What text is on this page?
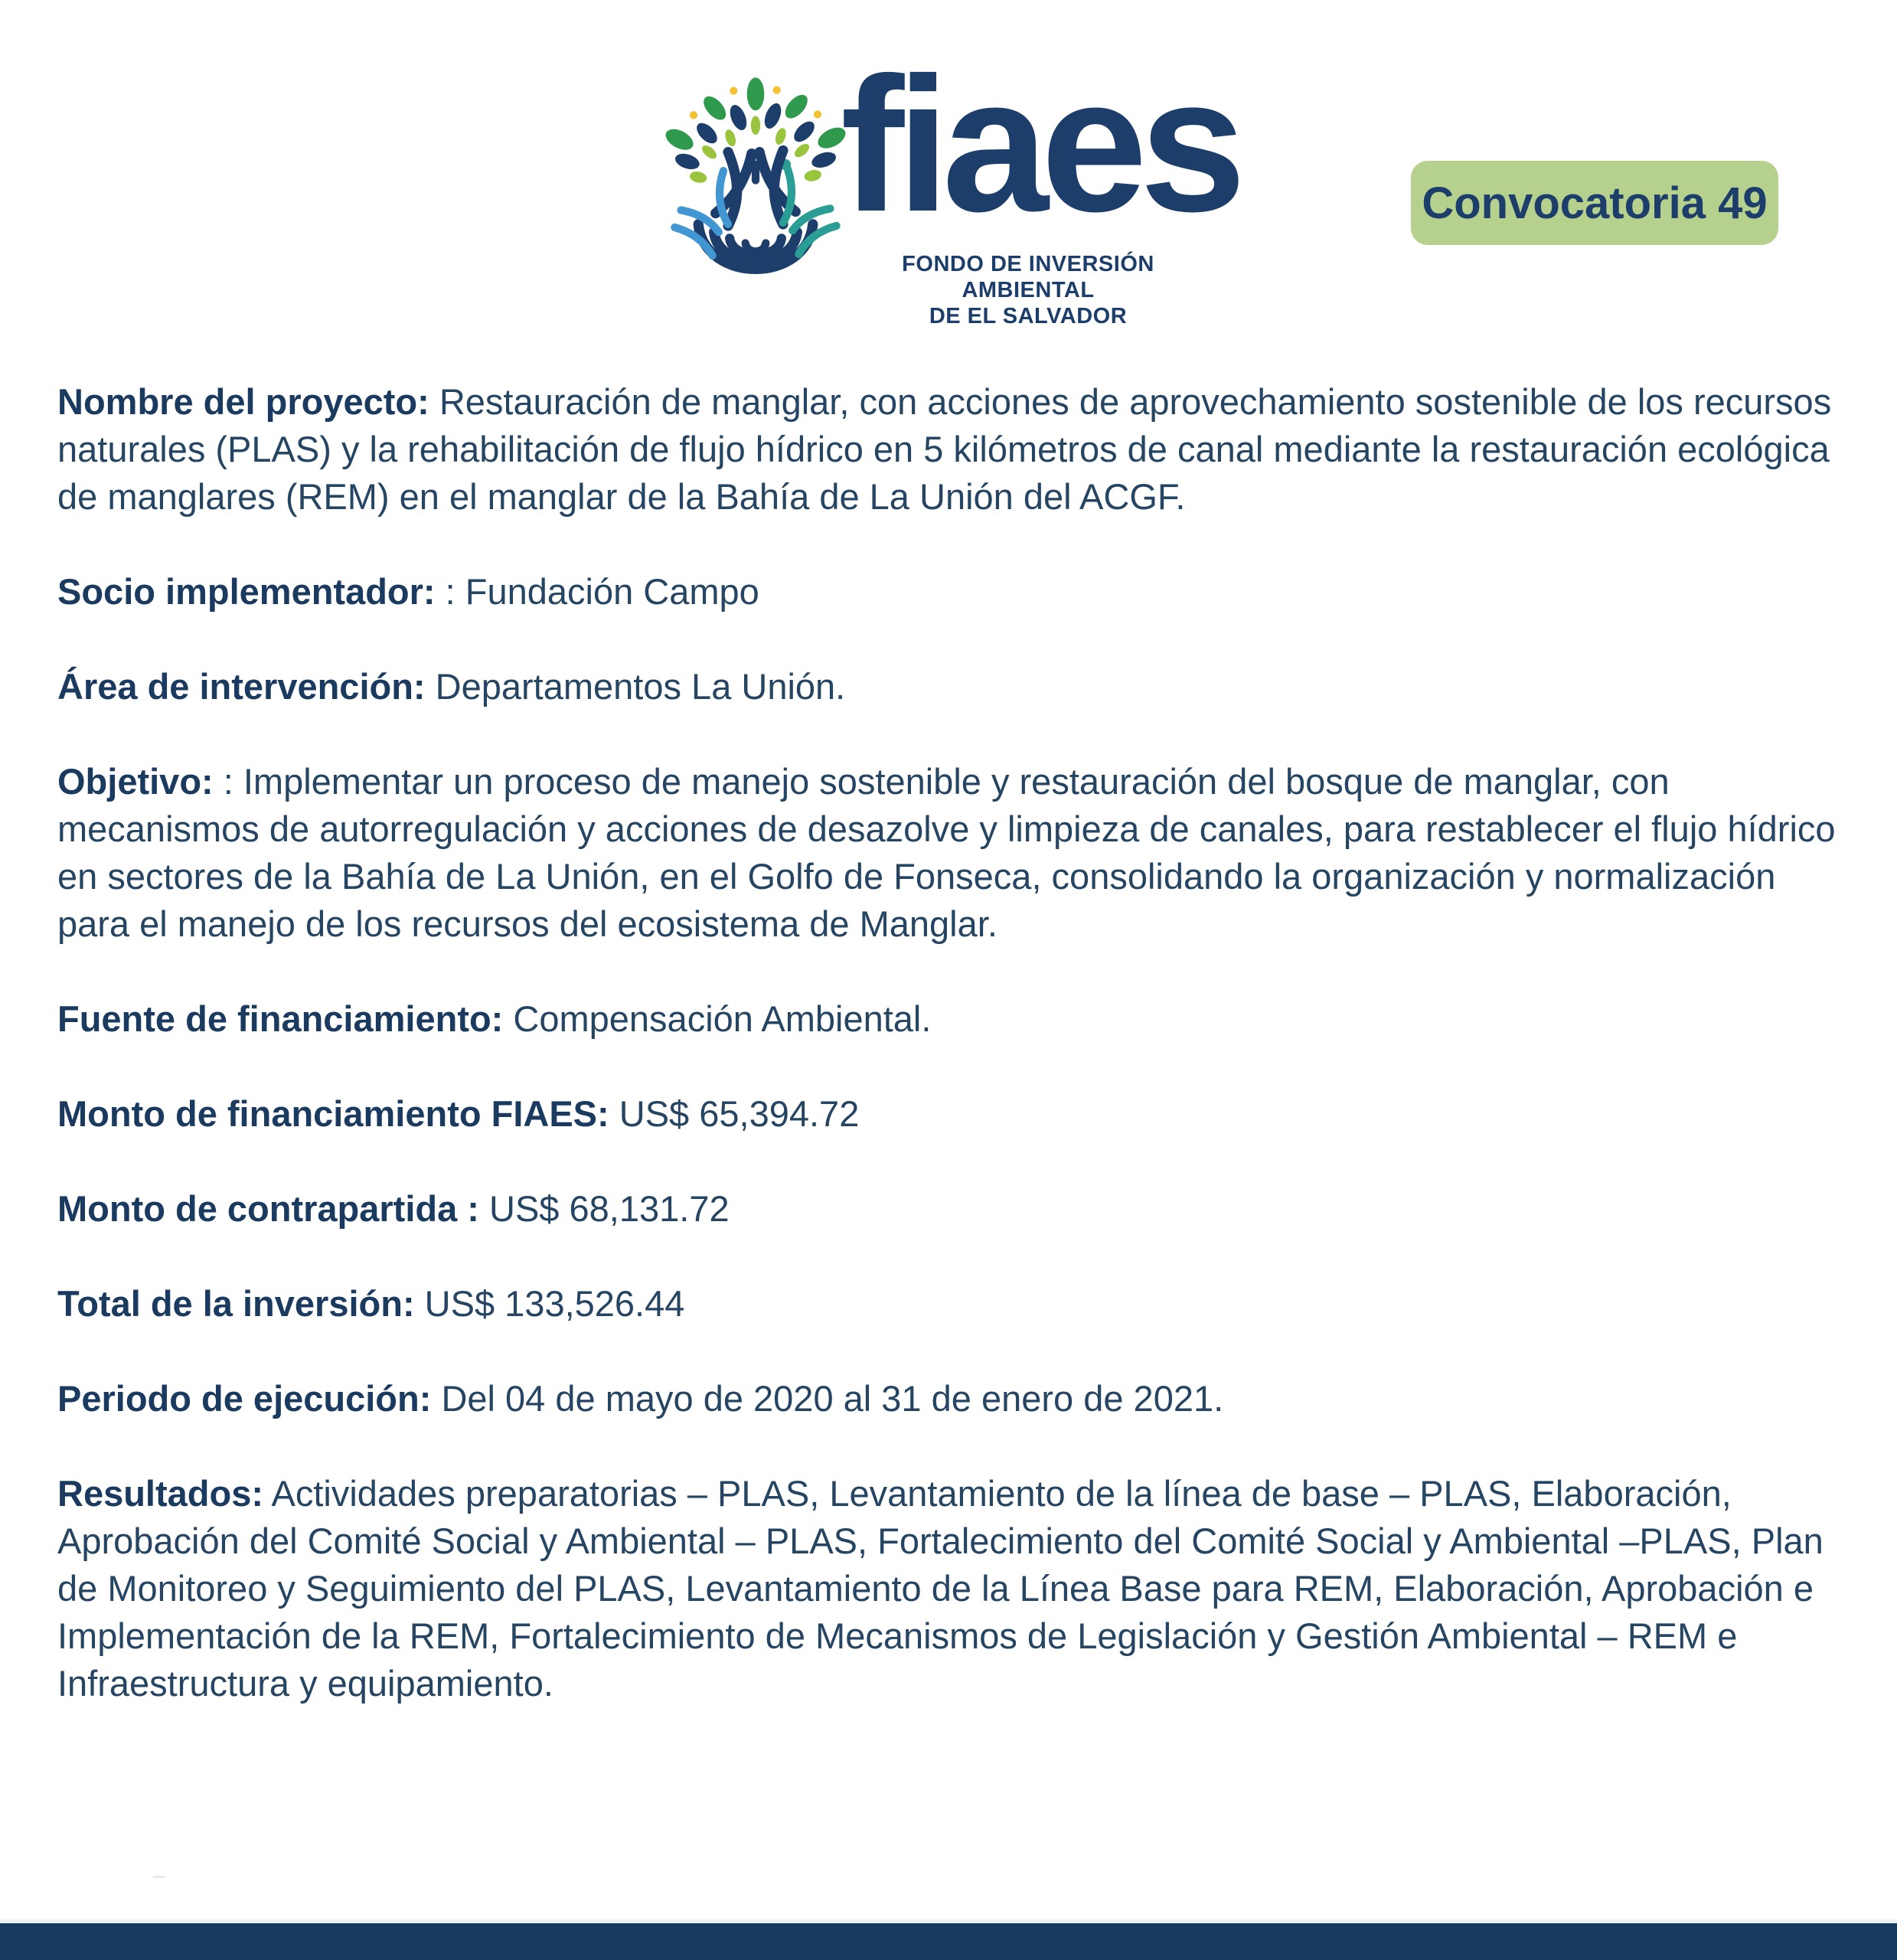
fiaes
FONDO DE INVERSIÓN AMBIENTAL
DE EL SALVADOR
Convocatoria 49

Nombre del proyecto: Restauración de manglar, con acciones de aprovechamiento sostenible de los recursos naturales (PLAS) y la rehabilitación de flujo hídrico en 5 kilómetros de canal mediante la restauración ecológica de manglares (REM) en el manglar de la Bahía de La Unión del ACGF.

Socio implementador: : Fundación Campo

Área de intervención: Departamentos La Unión.

Objetivo: : Implementar un proceso de manejo sostenible y restauración del bosque de manglar, con mecanismos de autorregulación y acciones de desazolve y limpieza de canales, para restablecer el flujo hídrico en sectores de la Bahía de La Unión, en el Golfo de Fonseca, consolidando la organización y normalización para el manejo de los recursos del ecosistema de Manglar.

Fuente de financiamiento: Compensación Ambiental.

Monto de financiamiento FIAES: US$ 65,394.72

Monto de contrapartida : US$ 68,131.72

Total de la inversión: US$ 133,526.44

Periodo de ejecución: Del 04 de mayo de 2020 al 31 de enero de 2021.

Resultados: Actividades preparatorias – PLAS, Levantamiento de la línea de base – PLAS, Elaboración, Aprobación del Comité Social y Ambiental – PLAS, Fortalecimiento del Comité Social y Ambiental –PLAS, Plan de Monitoreo y Seguimiento del PLAS, Levantamiento de la Línea Base para REM, Elaboración, Aprobación e Implementación de la REM, Fortalecimiento de Mecanismos de Legislación y Gestión Ambiental – REM e Infraestructura y equipamiento.
